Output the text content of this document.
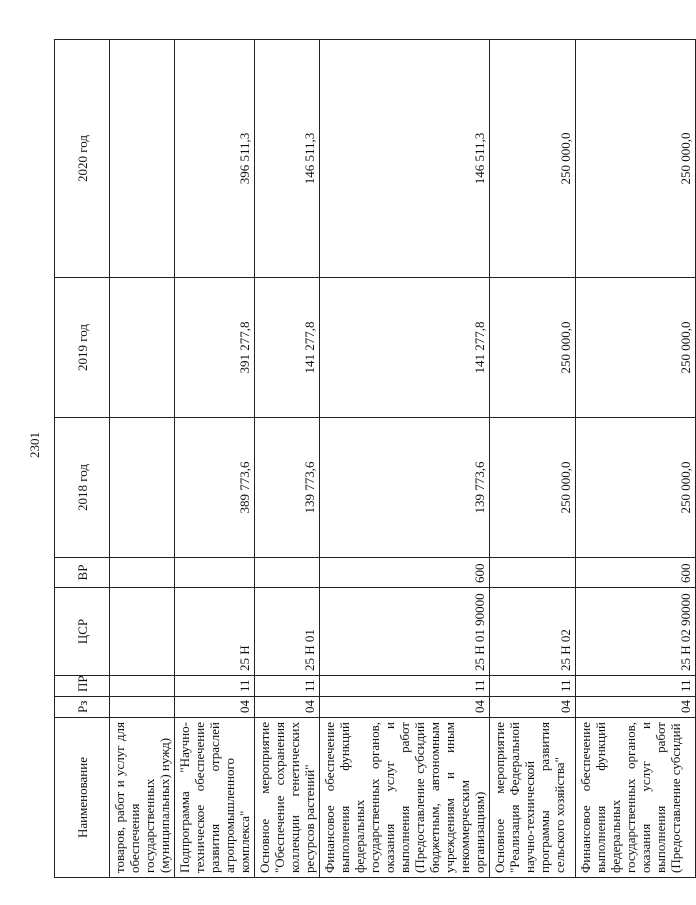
2301
Наименование	Рз	ПР	ЦСР	ВР	2018 год	2019 год	2020 год
товаров, работ и услуг для обеспечения государственных (муниципальных) нужд)							
Подпрограмма "Научно-техническое обеспечение развития отраслей агропромышленного комплекса"	04	11	25 Н		389 773,6	391 277,8	396 511,3
Основное мероприятие "Обеспечение сохранения коллекции генетических ресурсов растений"	04	11	25 Н 01		139 773,6	141 277,8	146 511,3
Финансовое обеспечение выполнения функций федеральных государственных органов, оказания услуг и выполнения работ (Предоставление субсидий бюджетным, автономным учреждениям и иным некоммерческим организациям)	04	11	25 Н 01 90000	600	139 773,6	141 277,8	146 511,3
Основное мероприятие "Реализация Федеральной научно-технической программы развития сельского хозяйства"	04	11	25 Н 02		250 000,0	250 000,0	250 000,0
Финансовое обеспечение выполнения функций федеральных государственных органов, оказания услуг и выполнения работ (Предоставление субсидий	04	11	25 Н 02 90000	600	250 000,0	250 000,0	250 000,0
